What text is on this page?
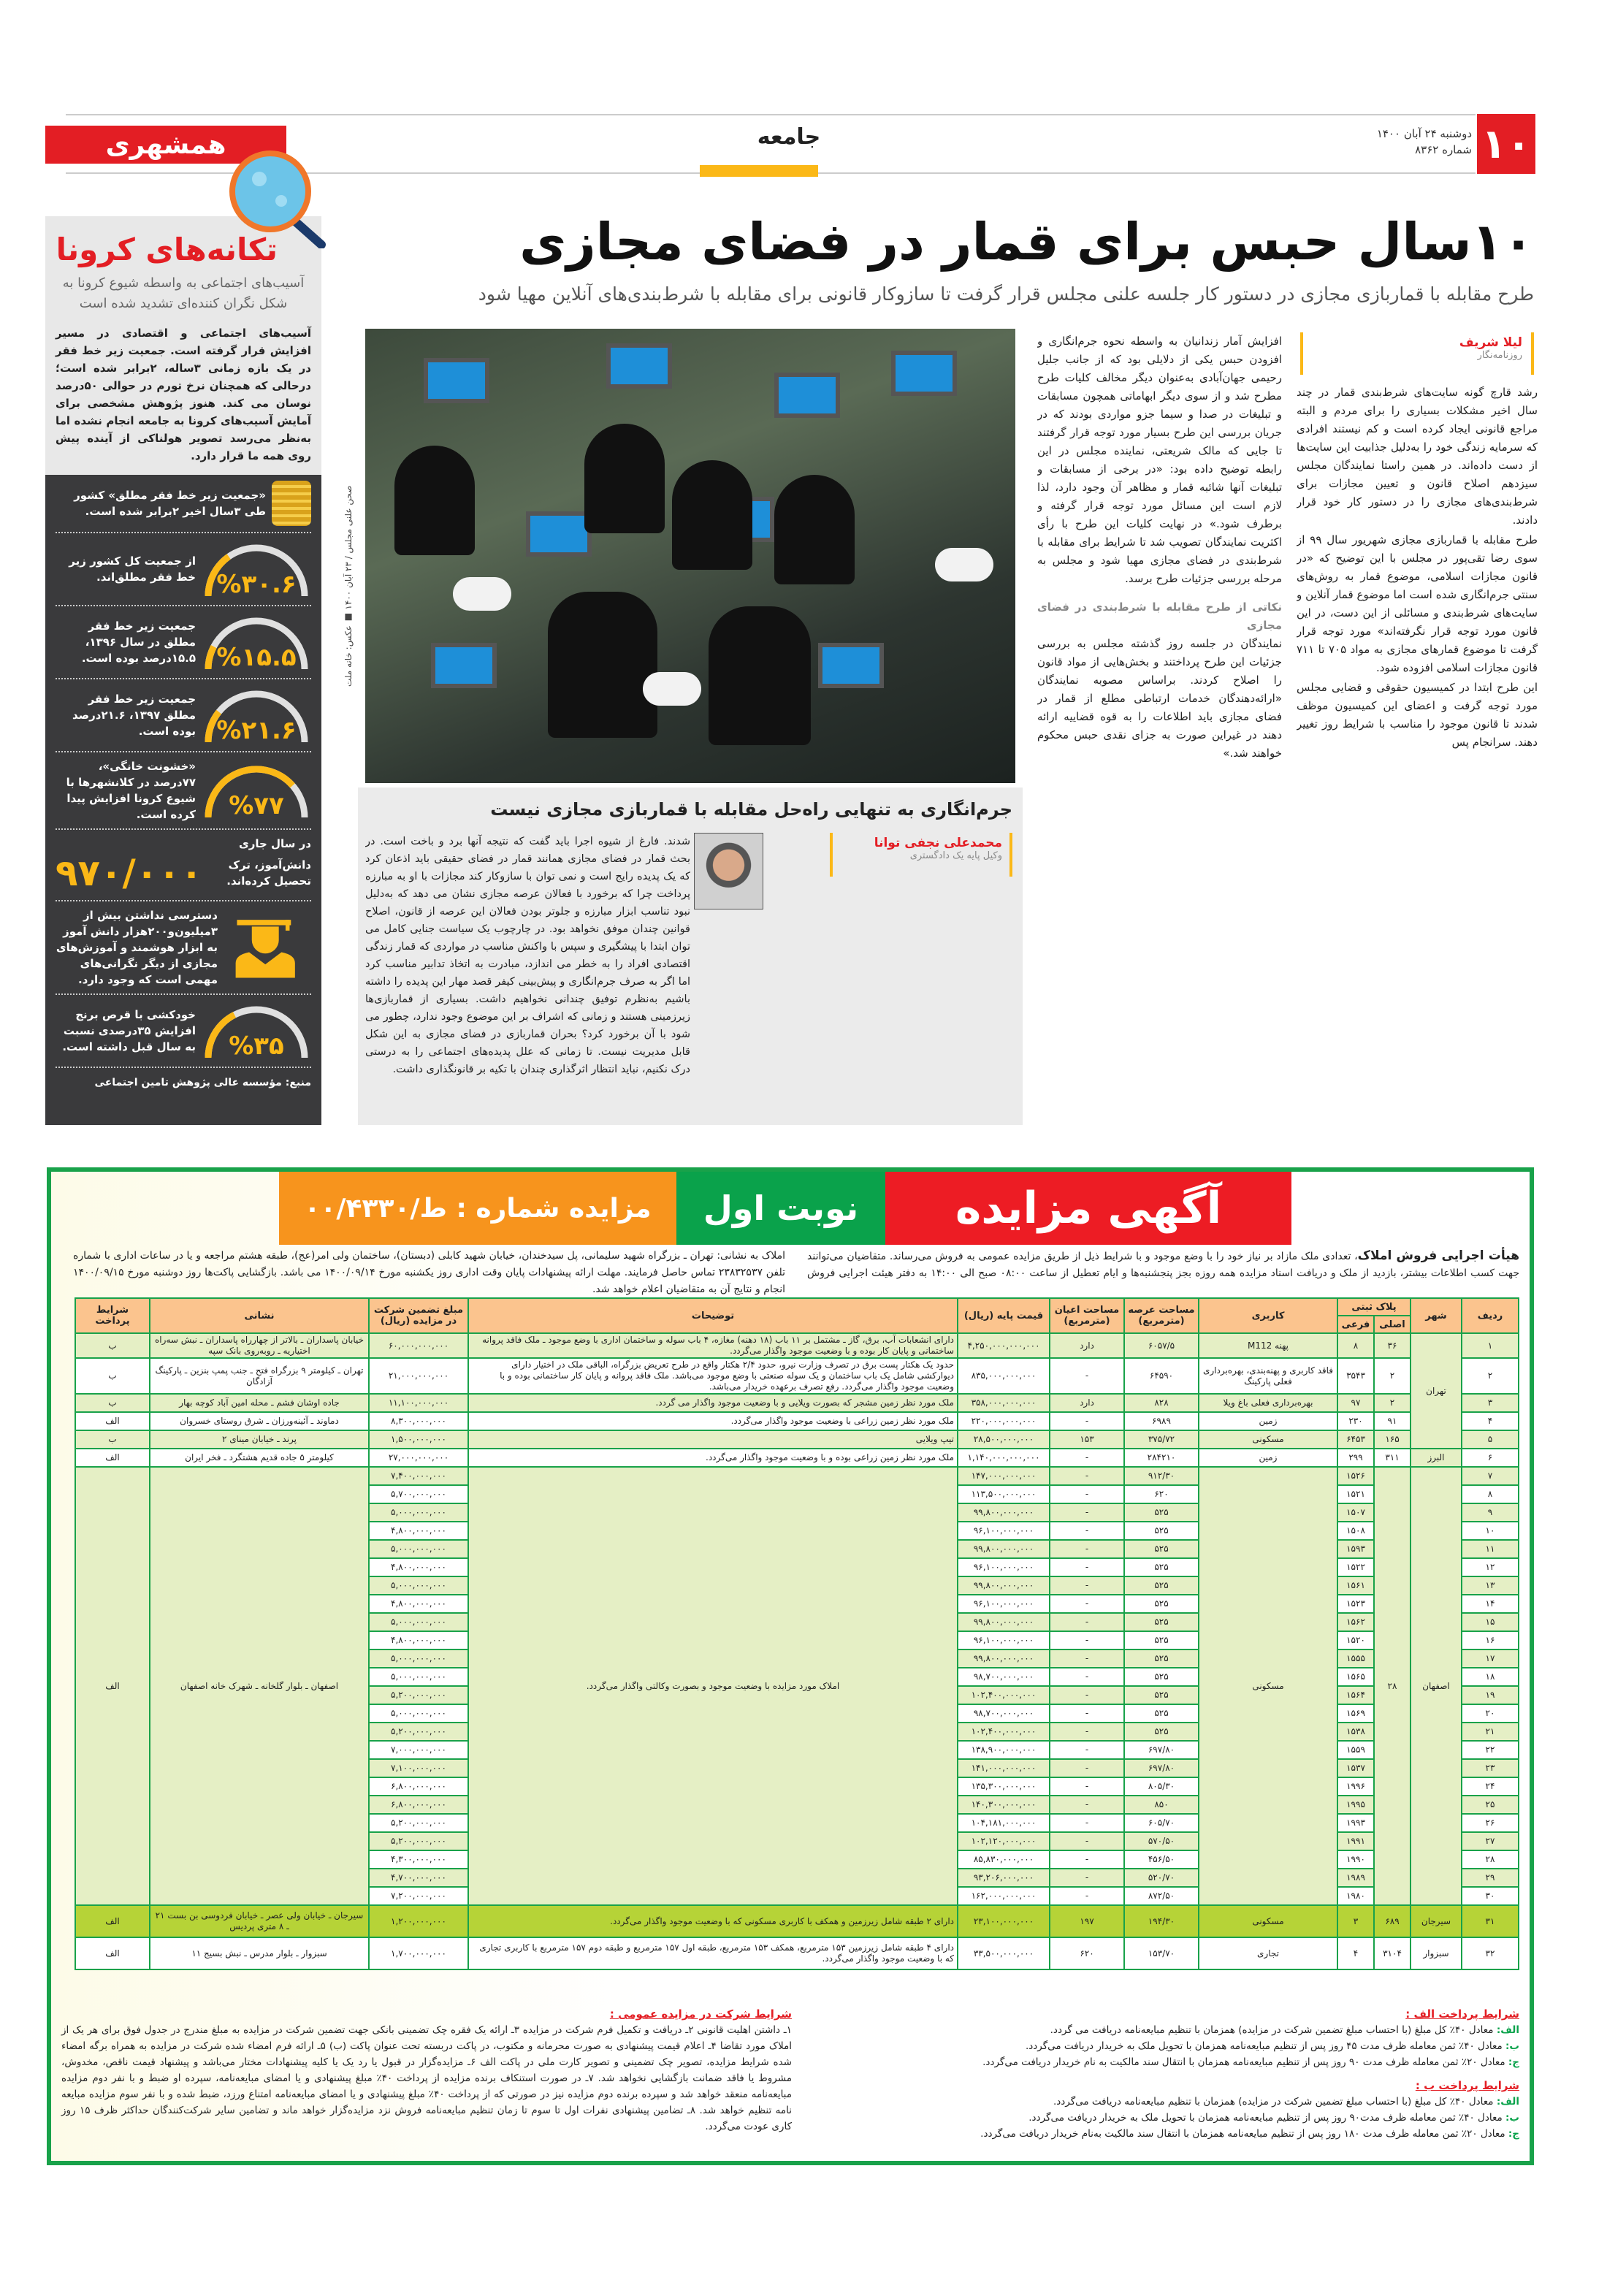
۱۰
دوشنبه ۲۴ آبان ۱۴۰۰
شماره ۸۳۶۲
جامعه
همشهری
۱۰سال حبس برای قمار در فضای مجازی
طرح مقابله با قماربازی مجازی در دستور کار جلسه علنی مجلس قرار گرفت تا سازوکار قانونی برای مقابله با شرط‌بندی‌های آنلاین مهیا شود
تکانه‌های کرونا
آسیب‌های اجتماعی به واسطه شیوع کرونا به شکل نگران کننده‌ای تشدید شده است
آسیب‌های اجتماعی و اقتصادی در مسیر افزایش قرار گرفته است. جمعیت زیر خط فقر در یک بازه زمانی ۳ساله، ۲برابر شده است؛ درحالی که همچنان نرخ تورم در حوالی ۵۰درصد نوسان می کند. هنوز پژوهش مشخصی برای آمایش آسیب‌های کرونا به جامعه انجام نشده اما به‌نظر می‌رسد تصویر هولناکی از آینده پیش روی همه ما قرار دارد.
«جمعیت زیر خط فقر مطلق» کشور طی ۳سال اخیر ۲برابر شده است.
%۳۰.۶
از جمعیت کل کشور زیر خط فقر مطلق‌اند.
%۱۵.۵
جمعیت زیر خط فقر مطلق در سال ۱۳۹۶، ۱۵.۵درصد بوده است.
%۲۱.۶
جمعیت زیر خط فقر مطلق ۱۳۹۷، ۲۱.۶درصد بوده است.
%۷۷
«خشونت خانگی»، ۷۷درصد در کلانشهرها با شیوع کرونا افزایش پیدا کرده است.
در سال جاری
دانش‌آموز، ترک تحصیل کرده‌اند.
۹۷۰/۰۰۰
دسترسی نداشتن بیش از ۳میلیون‌و۲۰۰هزار دانش آموز به ابزار هوشمند و آموزش‌های مجازی از دیگر نگرانی‌های مهمی است که وجود دارد.
%۳۵
خودکشی با قرص برنج افزایش ۳۵درصدی نسبت به سال قبل داشته است.
منبع: مؤسسه عالی پژوهش تامین اجتماعی
لیلا شریف
روزنامه‌نگار

رشد قارچ گونه سایت‌های شرط‌بندی قمار در چند سال اخیر مشکلات بسیاری را برای مردم و البته مراجع قانونی ایجاد کرده است و کم نیستند افرادی که سرمایه زندگی خود را به‌دلیل جذابیت این سایت‌ها از دست داده‌اند. در همین راستا نمایندگان مجلس سیزدهم اصلاح قانون و تعیین مجازات برای شرط‌بندی‌های مجازی را در دستور کار خود قرار دادند.

طرح مقابله با قماربازی مجازی شهریور سال ۹۹ از سوی رضا تقی‌پور در مجلس با این توضیح که «در قانون مجازات اسلامی، موضوع قمار به روش‌های سنتی جرم‌انگاری شده است اما موضوع قمار آنلاین و سایت‌های شرط‌بندی و مسائلی از این دست، در این قانون مورد توجه قرار نگرفته‌اند» مورد توجه قرار گرفت تا موضوع قمارهای مجازی به مواد ۷۰۵ تا ۷۱۱ قانون مجازات اسلامی افزوده شود.

این طرح ابتدا در کمیسیون حقوقی و قضایی مجلس مورد توجه گرفت و اعضای این کمیسیون موظف شدند تا قانون موجود را مناسب با شرایط روز تغییر دهند. سرانجام پس

افزایش آمار زندانیان به واسطه نحوه جرم‌انگاری و افزودن حبس یکی از دلایلی بود که از جانب جلیل رحیمی جهان‌آبادی به‌عنوان دیگر مخالف کلیات طرح مطرح شد و از سوی دیگر ابهاماتی همچون مسابقات و تبلیغات در صدا و سیما جزو مواردی بودند که در جریان بررسی این طرح بسیار مورد توجه قرار گرفتند تا جایی که مالک شریعتی، نماینده مجلس در این رابطه توضیح داده بود: «در برخی از مسابقات و تبلیغات آنها شائبه قمار و مظاهر آن وجود دارد، لذا لازم است این مسائل مورد توجه قرار گرفته و برطرف شود.» در نهایت کلیات این طرح با رأی اکثریت نمایندگان تصویب شد تا شرایط برای مقابله با شرط‌بندی در فضای مجازی مهیا شود و مجلس به مرحله بررسی جزئیات طرح برسد.

نکاتی از طرح مقابله با شرط‌بندی در فضای مجازی

نمایندگان در جلسه روز گذشته مجلس به بررسی جزئیات این طرح پرداختند و بخش‌هایی از مواد قانون را اصلاح کردند. براساس مصوبه نمایندگان «ارائه‌دهندگان خدمات ارتباطی مطلع از قمار در فضای مجازی باید اطلاعات را به قوه قضاییه ارائه دهند در غیراین صورت به جزای نقدی حبس محکوم خواهند شد.»

صحن علنی مجلس / ۲۳ آبان ۱۴۰۰ ■ عکس: خانه ملت
جرم‌انگاری به تنهایی راه‌حل مقابله با قماربازی مجازی نیست
محمدعلی نجفی توانا
وکیل پایه یک دادگستری
شدند. فارغ از شیوه اجرا باید گفت که نتیجه آنها برد و باخت است. در بحث قمار در فضای مجازی همانند قمار در فضای حقیقی باید اذعان کرد که یک پدیده رایج است و نمی توان با سازوکار کند مجازات با او به مبارزه پرداخت چرا که برخورد با فعالان عرصه مجازی نشان می دهد که به‌دلیل نبود تناسب ابزار مبارزه و جلوتر بودن فعالان این عرصه از قانون، اصلاح قوانین چندان موفق نخواهد بود. در چارچوب یک سیاست جنایی کامل می توان ابتدا با پیشگیری و سپس با واکنش مناسب در مواردی که قمار زندگی اقتصادی افراد را به خطر می اندازد، مبادرت به اتخاذ تدابیر مناسب کرد اما اگر به صرف جرم‌انگاری و پیش‌بینی کیفر قصد مهار این پدیده را داشته باشیم به‌نظرم توفیق چندانی نخواهیم داشت. بسیاری از قماربازی‌ها زیرزمینی هستند و زمانی که اشراف بر این موضوع وجود ندارد، چطور می شود با آن برخورد کرد؟ بحران قماربازی در فضای مجازی به این شکل قابل مدیریت نیست. تا زمانی که علل پدیده‌های اجتماعی را به درستی درک نکنیم، نباید انتظار اثرگذاری چندان با تکیه بر قانونگذاری داشت.
آگهی مزایده
نوبت اول
مزایده شماره : ط/۰۰/۴۳۳۰
هیأت اجرایی فروش املاک، تعدادی ملک مازاد بر نیاز خود را با وضع موجود و با شرایط ذیل از طریق مزایده عمومی به فروش می‌رساند. متقاضیان می‌توانند جهت کسب اطلاعات بیشتر، بازدید از ملک و دریافت اسناد مزایده همه روزه بجز پنجشنبه‌ها و ایام تعطیل از ساعت ۰۸:۰۰ صبح الی ۱۴:۰۰ به دفتر هیئت اجرایی فروش املاک به نشانی: تهران ـ بزرگراه شهید سلیمانی، پل سیدخندان، خیابان شهید کابلی (دبستان)، ساختمان ولی امر(عج)، طبقه هشتم مراجعه و یا در ساعات اداری با شماره تلفن ۲۳۸۳۲۵۳۷ تماس حاصل فرمایند. مهلت ارائه پیشنهادات پایان وقت اداری روز یکشنبه مورخ ۱۴۰۰/۰۹/۱۴ می باشد. بازگشایی پاکت‌ها روز دوشنبه مورخ ۱۴۰۰/۰۹/۱۵ انجام و نتایج آن به متقاضیان اعلام خواهد شد.
ردیف	شهر	پلاک ثبتی		کاربری	مساحت عرصه (مترمربع)	مساحت اعیان (مترمربع)	قیمت پایه (ریال)	توضیحات	مبلغ تضمین شرکت در مزایده (ریال)	نشانی	شرایط پرداخت
		اصلی	فرعی								
۱	تهران	۳۶	۸	پهنه M112	۶۰۵۷/۵	دارد	۴,۲۵۰,۰۰۰,۰۰۰,۰۰۰	دارای انشعابات آب، برق، گاز ـ مشتمل بر ۱۱ باب (۱۸ دهنه) مغازه، ۴ باب سوله و ساختمان اداری با وضع موجود ـ ملک فاقد پروانه ساختمانی و پایان کار بوده و با وضعیت موجود واگذار می‌گردد.	۶۰,۰۰۰,۰۰۰,۰۰۰	خیابان پاسداران ـ بالاتر از چهارراه پاسداران ـ نبش سه‌راه اختیاریه ـ روبه‌روی بانک سپه	ب
۲		۲	۳۵۴۳	فاقد کاربری و پهنه‌بندی، بهره‌برداری فعلی پارکینگ	۶۴۵۹۰	-	۸۳۵,۰۰۰,۰۰۰,۰۰۰	حدود یک هکتار پست برق در تصرف وزارت نیرو، حدود ۲/۴ هکتار واقع در طرح تعریض بزرگراه، الباقی ملک در اختیار دارای دیوارکشی شامل یک باب ساختمان و یک سوله صنعتی با وضع موجود می‌باشد. ملک فاقد پروانه و پایان کار ساختمانی بوده و با وضعیت موجود واگذار می‌گردد. رفع تصرف برعهده خریدار می‌باشد.	۲۱,۰۰۰,۰۰۰,۰۰۰	تهران ـ کیلومتر ۹ بزرگراه فتح ـ جنب پمپ بنزین ـ پارکینگ آزادگان	ب
۳		۲	۹۷	بهره‌برداری فعلی باغ ویلا	۸۲۸	دارد	۳۵۸,۰۰۰,۰۰۰,۰۰۰	ملک مورد نظر زمین مشجر که بصورت ویلایی و با وضعیت موجود واگذار می گردد.	۱۱,۱۰۰,۰۰۰,۰۰۰	جاده اوشان فشم ـ محله امین آباد کوچه بهار	ب
۴		۹۱	۲۳۰	زمین	۶۹۸۹	-	۲۲۰,۰۰۰,۰۰۰,۰۰۰	ملک مورد نظر زمین زراعی با وضعیت موجود واگذار می‌گردد.	۸,۳۰۰,۰۰۰,۰۰۰	دماوند ـ آئینه‌ورزان ـ شرق روستای خسروان	الف
۵		۱۶۵	۶۴۵۳	مسکونی	۳۷۵/۷۲	۱۵۳	۲۸,۵۰۰,۰۰۰,۰۰۰	تیپ ویلایی	۱,۵۰۰,۰۰۰,۰۰۰	پرند ـ خیابان مینای ۲	ب
۶	البرز	۳۱۱	۲۹۹	زمین	۲۸۴۲۱۰	-	۱,۱۴۰,۰۰۰,۰۰۰,۰۰۰	ملک مورد نظر زمین زراعی بوده و با وضعیت موجود واگذار می‌گردد.	۲۷,۰۰۰,۰۰۰,۰۰۰	کیلومتر ۵ جاده قدیم هشتگرد ـ فخر ایران	الف
۷	اصفهان	۲۸	۱۵۲۶	مسکونی	۹۱۲/۳۰	-	۱۴۷,۰۰۰,۰۰۰,۰۰۰	املاک مورد مزایده با وضعیت موجود و بصورت وکالتی واگذار می‌گردد.	۷,۴۰۰,۰۰۰,۰۰۰	اصفهان ـ بلوار گلخانه ـ شهرک خانه اصفهان	الف
۸			۱۵۲۱		۶۲۰	-	۱۱۳,۵۰۰,۰۰۰,۰۰۰		۵,۷۰۰,۰۰۰,۰۰۰		
۹			۱۵۰۷		۵۲۵	-	۹۹,۸۰۰,۰۰۰,۰۰۰		۵,۰۰۰,۰۰۰,۰۰۰		
۱۰			۱۵۰۸		۵۲۵	-	۹۶,۱۰۰,۰۰۰,۰۰۰		۴,۸۰۰,۰۰۰,۰۰۰		
۱۱			۱۵۹۳		۵۲۵	-	۹۹,۸۰۰,۰۰۰,۰۰۰		۵,۰۰۰,۰۰۰,۰۰۰		
۱۲			۱۵۲۲		۵۲۵	-	۹۶,۱۰۰,۰۰۰,۰۰۰		۴,۸۰۰,۰۰۰,۰۰۰		
۱۳			۱۵۶۱		۵۲۵	-	۹۹,۸۰۰,۰۰۰,۰۰۰		۵,۰۰۰,۰۰۰,۰۰۰		
۱۴			۱۵۲۳		۵۲۵	-	۹۶,۱۰۰,۰۰۰,۰۰۰		۴,۸۰۰,۰۰۰,۰۰۰		
۱۵			۱۵۶۲		۵۲۵	-	۹۹,۸۰۰,۰۰۰,۰۰۰		۵,۰۰۰,۰۰۰,۰۰۰		
۱۶			۱۵۲۰		۵۲۵	-	۹۶,۱۰۰,۰۰۰,۰۰۰		۴,۸۰۰,۰۰۰,۰۰۰		
۱۷			۱۵۵۵		۵۲۵	-	۹۹,۸۰۰,۰۰۰,۰۰۰		۵,۰۰۰,۰۰۰,۰۰۰		
۱۸			۱۵۶۵		۵۲۵	-	۹۸,۷۰۰,۰۰۰,۰۰۰		۵,۰۰۰,۰۰۰,۰۰۰		
۱۹			۱۵۶۴		۵۲۵	-	۱۰۲,۴۰۰,۰۰۰,۰۰۰		۵,۲۰۰,۰۰۰,۰۰۰		
۲۰			۱۵۶۹		۵۲۵	-	۹۸,۷۰۰,۰۰۰,۰۰۰		۵,۰۰۰,۰۰۰,۰۰۰		
۲۱			۱۵۳۸		۵۲۵	-	۱۰۲,۴۰۰,۰۰۰,۰۰۰		۵,۲۰۰,۰۰۰,۰۰۰		
۲۲			۱۵۵۹		۶۹۷/۸۰	-	۱۳۸,۹۰۰,۰۰۰,۰۰۰		۷,۰۰۰,۰۰۰,۰۰۰		
۲۳			۱۵۳۷		۶۹۷/۸۰	-	۱۴۱,۰۰۰,۰۰۰,۰۰۰		۷,۱۰۰,۰۰۰,۰۰۰		
۲۴			۱۹۹۶		۸۰۵/۳۰	-	۱۳۵,۳۰۰,۰۰۰,۰۰۰		۶,۸۰۰,۰۰۰,۰۰۰		
۲۵			۱۹۹۵		۸۵۰	-	۱۴۰,۳۰۰,۰۰۰,۰۰۰		۶,۸۰۰,۰۰۰,۰۰۰		
۲۶			۱۹۹۳		۶۰۵/۷۰	-	۱۰۴,۱۸۱,۰۰۰,۰۰۰		۵,۲۰۰,۰۰۰,۰۰۰		
۲۷			۱۹۹۱		۵۷۰/۵۰	-	۱۰۲,۱۲۰,۰۰۰,۰۰۰		۵,۲۰۰,۰۰۰,۰۰۰		
۲۸			۱۹۹۰		۴۵۶/۵۰	-	۸۵,۸۳۰,۰۰۰,۰۰۰		۴,۳۰۰,۰۰۰,۰۰۰		
۲۹			۱۹۸۹		۵۲۰/۷۰	-	۹۳,۲۰۶,۰۰۰,۰۰۰		۴,۷۰۰,۰۰۰,۰۰۰		
۳۰			۱۹۸۰		۸۷۲/۵۰	-	۱۶۲,۰۰۰,۰۰۰,۰۰۰		۷,۲۰۰,۰۰۰,۰۰۰		
۳۱	سیرجان	۶۸۹	۳	مسکونی	۱۹۴/۳۰	۱۹۷	۲۳,۱۰۰,۰۰۰,۰۰۰	دارای ۲ طبقه شامل زیرزمین و همکف با کاربری مسکونی که با وضعیت موجود واگذار می‌گردد.	۱,۲۰۰,۰۰۰,۰۰۰	سیرجان ـ خیابان ولی عصر ـ خیابان فردوسی بن بست ۲۱ ـ ۸ متری پردیس	الف
۳۲	سبزوار	۳۱۰۴	۴	تجاری	۱۵۳/۷۰	۶۲۰	۳۳,۵۰۰,۰۰۰,۰۰۰	دارای ۴ طبقه شامل زیرزمین ۱۵۳ مترمربع، همکف ۱۵۳ مترمربع، طبقه اول ۱۵۷ مترمربع و طبقه دوم ۱۵۷ مترمربع با کاربری تجاری که با وضعیت موجود واگذار می‌گردد.	۱,۷۰۰,۰۰۰,۰۰۰	سبزوار ـ بلوار مدرس ـ نبش بسیج ۱۱	الف
شرایط پرداخت الف :
الف: معادل ۴۰٪ کل مبلغ (با احتساب مبلغ تضمین شرکت در مزایده) همزمان با تنظیم مبایعه‌نامه دریافت می گردد.
ب: معادل ۴۰٪ ثمن معامله ظرف مدت ۴۵ روز پس از تنظیم مبایعه‌نامه همزمان با تحویل ملک به خریدار دریافت می‌گردد.
ج: معادل ۲۰٪ ثمن معامله ظرف مدت ۹۰ روز پس از تنظیم مبایعه‌نامه همزمان با انتقال سند مالکیت به نام خریدار دریافت می‌گردد.
شرایط پرداخت ب :
الف: معادل ۴۰٪ کل مبلغ (با احتساب مبلغ تضمین شرکت در مزایده) همزمان با تنظیم مبایعه‌نامه دریافت می‌گردد.
ب: معادل ۴۰٪ ثمن معامله ظرف مدت۹۰ روز پس از تنظیم مبایعه‌نامه همزمان با تحویل ملک به خریدار دریافت می‌گردد.
ج: معادل ۲۰٪ ثمن معامله ظرف مدت ۱۸۰ روز پس از تنظیم مبایعه‌نامه همزمان با انتقال سند مالکیت به‌نام خریدار دریافت می‌گردد.
شرایط شرکت در مزایده عمومی :
۱ـ داشتن اهلیت قانونی ۲ـ دریافت و تکمیل فرم شرکت در مزایده ۳ـ ارائه یک فقره چک تضمینی بانکی جهت تضمین شرکت در مزایده به مبلغ مندرج در جدول فوق برای هر یک از املاک مورد تقاضا ۴ـ اعلام قیمت پیشنهادی به صورت محرمانه و مکتوب، در پاکت دربسته تحت عنوان پاکت (ب) ۵ـ ارائه فرم امضاء شده شرکت در مزایده به همراه برگه امضاء شده شرایط مزایده، تصویر چک تضمینی و تصویر کارت ملی در پاکت الف ۶ـ مزایده‌گزار در قبول یا رد یک یا کلیه پیشنهادات مختار می‌باشد و پیشنهاد قیمت ناقص، مخدوش، مشروط یا فاقد ضمانت بازگشایی نخواهد شد. ۷ـ در صورت استنکاف برنده مزایده از پرداخت ۴۰٪ مبلغ پیشنهادی و یا امضای مبایعه‌نامه، سپرده او ضبط و با نفر دوم مزایده مبایعه‌نامه منعقد خواهد شد و سپرده برنده دوم مزایده نیز در صورتی که از پرداخت ۴۰٪ مبلغ پیشنهادی و یا امضای مبایعه‌نامه امتناع ورزد، ضبط شده و با نفر سوم مزایده مبایعه نامه تنظیم خواهد شد. ۸ـ تضامین پیشنهادی نفرات اول تا سوم تا زمان تنظیم مبایعه‌نامه فروش نزد مزایده‌گزار خواهد ماند و تضامین سایر شرکت‌کنندگان حداکثر ظرف ۱۵ روز کاری عودت می‌گردد.
